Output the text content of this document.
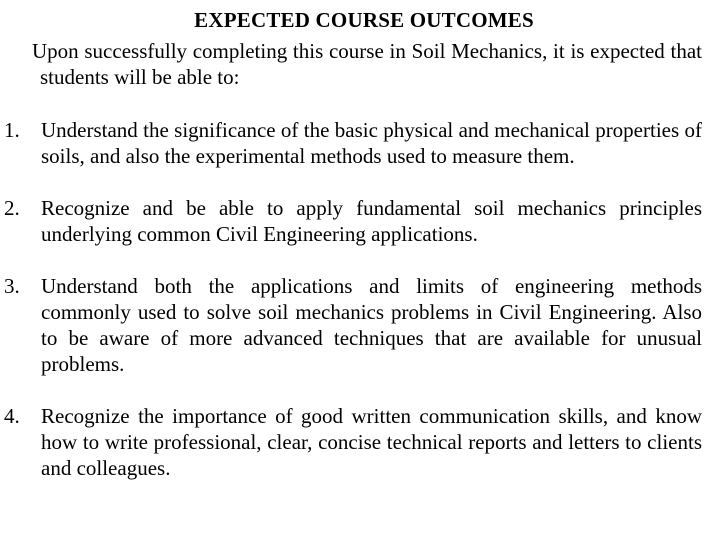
EXPECTED COURSE OUTCOMES
Upon successfully completing this course in Soil Mechanics, it is expected that students will be able to:
1. Understand the significance of the basic physical and mechanical properties of soils, and also the experimental methods used to measure them.
2. Recognize and be able to apply fundamental soil mechanics principles underlying common Civil Engineering applications.
3. Understand both the applications and limits of engineering methods commonly used to solve soil mechanics problems in Civil Engineering. Also to be aware of more advanced techniques that are available for unusual problems.
4. Recognize the importance of good written communication skills, and know how to write professional, clear, concise technical reports and letters to clients and colleagues.
